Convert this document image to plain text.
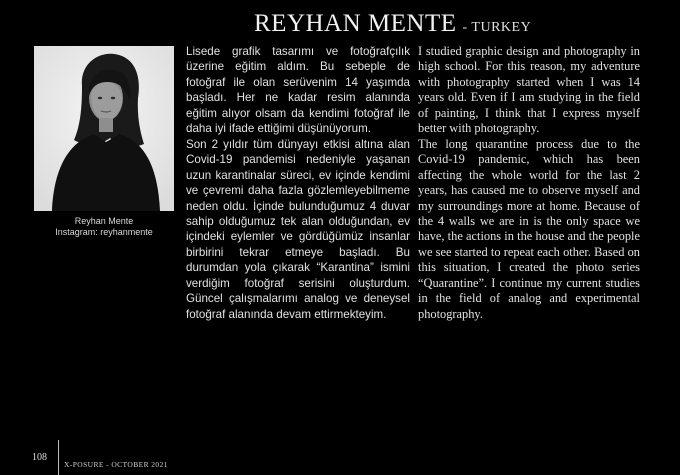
REYHAN MENTE - TURKEY
Reyhan Mente
Instagram: reyhanmente

Lisede grafik tasarımı ve fotoğrafçılık üzerine eğitim aldım. Bu sebeple de fotoğraf ile olan serüvenim 14 yaşımda başladı. Her ne kadar resim alanında eğitim alıyor olsam da kendimi fotoğraf ile daha iyi ifade ettiğimi düşünüyorum.

Son 2 yıldır tüm dünyayı etkisi altına alan Covid-19 pandemisi nedeniyle yaşanan uzun karantinalar süreci, ev içinde kendimi ve çevremi daha fazla gözlemleyebilmeme neden oldu. İçinde bulunduğumuz 4 duvar sahip olduğumuz tek alan olduğundan, ev içindeki eylemler ve gördüğümüz insanlar birbirini tekrar etmeye başladı. Bu durumdan yola çıkarak “Karantina” ismini verdiğim fotoğraf serisini oluşturdum. Güncel çalışmalarımı analog ve deneysel fotoğraf alanında devam ettirmekteyim.

I studied graphic design and photography in high school. For this reason, my adventure with photography started when I was 14 years old. Even if I am studying in the field of painting, I think that I express myself better with photography.

The long quarantine process due to the Covid-19 pandemic, which has been affecting the whole world for the last 2 years, has caused me to observe myself and my surroundings more at home. Because of the 4 walls we are in is the only space we have, the actions in the house and the people we see started to repeat each other. Based on this situation, I created the photo series “Quarantine”. I continue my current studies in the field of analog and experimental photography.

108
X-POSURE - OCTOBER 2021
